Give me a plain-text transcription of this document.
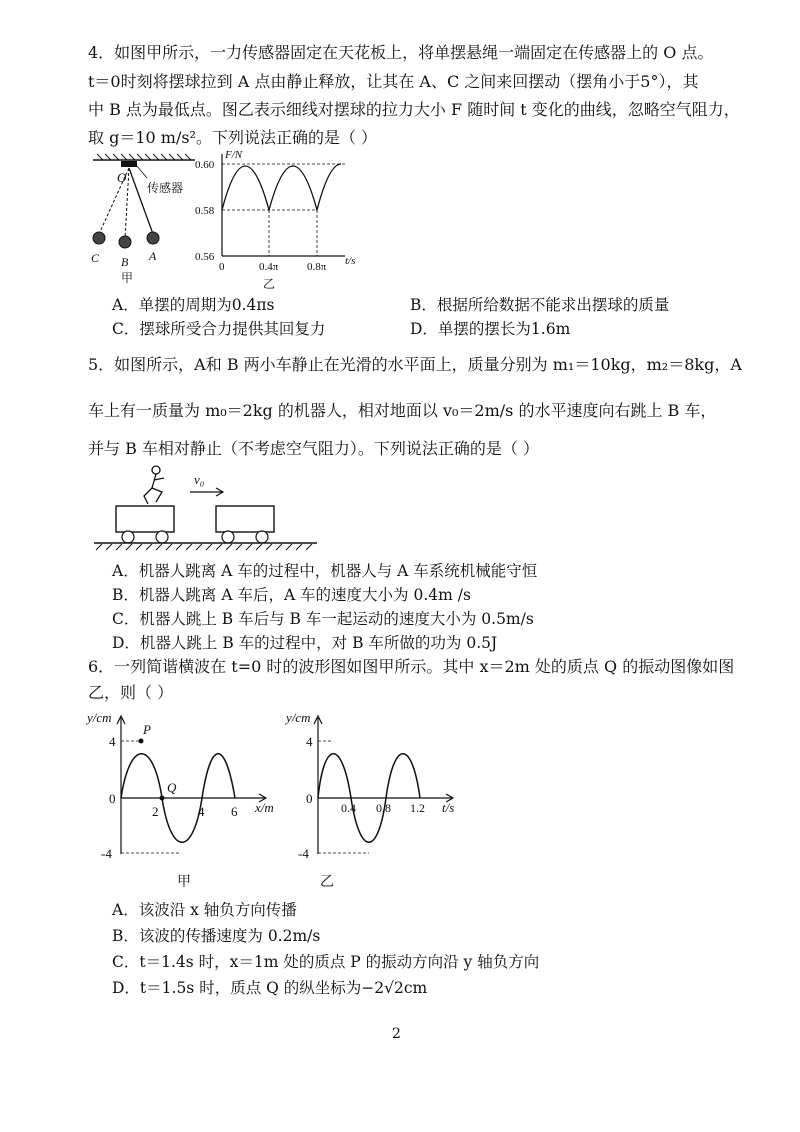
4．如图甲所示，一力传感器固定在天花板上，将单摆悬绳一端固定在传感器上的 O 点。
t＝0时刻将摆球拉到 A 点由静止释放，让其在 A、C 之间来回摆动（摆角小于5°），其
中 B 点为最低点。图乙表示细线对摆球的拉力大小 F 随时间 t 变化的曲线，忽略空气阻力，
取 g＝10 m/s²。下列说法正确的是（ ）
O
传感器
C B A
甲
F/N
0.60
0.58
0.56
0	0.4π	0.8π t/s
乙
A．单摆的周期为0.4πs	B．根据所给数据不能求出摆球的质量
C．摆球所受合力提供其回复力	D．单摆的摆长为1.6m
5．如图所示，A和 B 两小车静止在光滑的水平面上，质量分别为 m₁＝10kg，m₂＝8kg，A
车上有一质量为 m₀＝2kg 的机器人，相对地面以 v₀＝2m/s 的水平速度向右跳上 B 车，
并与 B 车相对静止（不考虑空气阻力）。下列说法正确的是（ ）
v₀
A．机器人跳离 A 车的过程中，机器人与 A 车系统机械能守恒
B．机器人跳离 A 车后，A 车的速度大小为 0.4m /s
C．机器人跳上 B 车后与 B 车一起运动的速度大小为 0.5m/s
D．机器人跳上 B 车的过程中，对 B 车所做的功为 0.5J
6．一列简谐横波在 t=0 时的波形图如图甲所示。其中 x＝2m 处的质点 Q 的振动图像如图
乙，则（ ）
y/cm
P
Q
4
0
-4
2	4 6 x/m
甲
y/cm
4
0
-4
0.4 0.8 1.2 t/s
乙
A．该波沿 x 轴负方向传播
B．该波的传播速度为 0.2m/s
C．t＝1.4s 时，x＝1m 处的质点 P 的振动方向沿 y 轴负方向
D．t＝1.5s 时，质点 Q 的纵坐标为−2√2cm
2
